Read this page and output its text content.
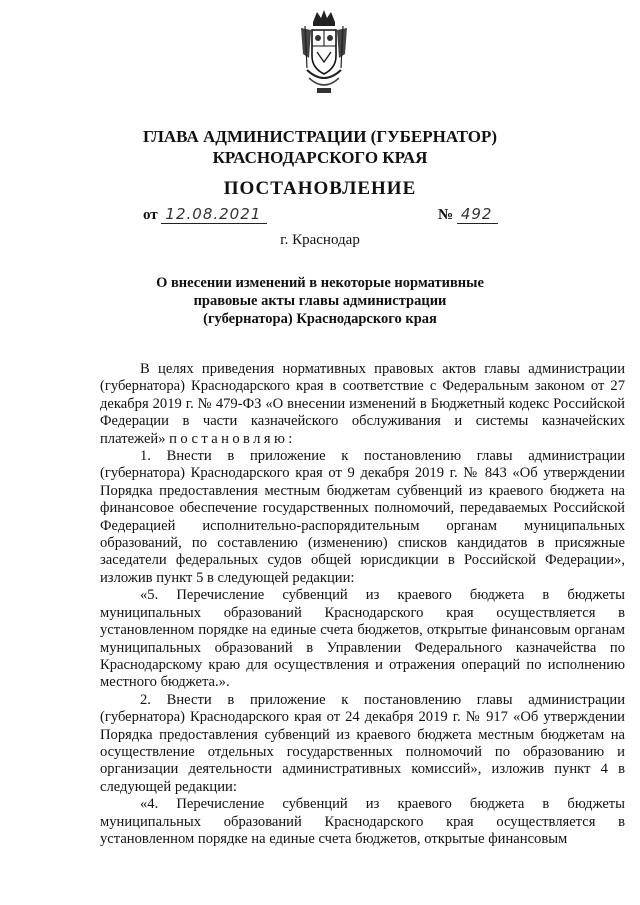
ГЛАВА АДМИНИСТРАЦИИ (ГУБЕРНАТОР)
КРАСНОДАРСКОГО КРАЯ
ПОСТАНОВЛЕНИЕ
от 12.08.2021	№ 492
г. Краснодар
О внесении изменений в некоторые нормативные правовые акты главы администрации (губернатора) Краснодарского края

В целях приведения нормативных правовых актов главы администрации (губернатора) Краснодарского края в соответствие с Федеральным законом от 27 декабря 2019 г. № 479-ФЗ «О внесении изменений в Бюджетный кодекс Российской Федерации в части казначейского обслуживания и системы казначейских платежей» постановляю:

1. Внести в приложение к постановлению главы администрации (губернатора) Краснодарского края от 9 декабря 2019 г. № 843 «Об утверждении Порядка предоставления местным бюджетам субвенций из краевого бюджета на финансовое обеспечение государственных полномочий, передаваемых Российской Федерацией исполнительно-распорядительным органам муниципальных образований, по составлению (изменению) списков кандидатов в присяжные заседатели федеральных судов общей юрисдикции в Российской Федерации», изложив пункт 5 в следующей редакции:

«5. Перечисление субвенций из краевого бюджета в бюджеты муниципальных образований Краснодарского края осуществляется в установленном порядке на единые счета бюджетов, открытые финансовым органам муниципальных образований в Управлении Федерального казначейства по Краснодарскому краю для осуществления и отражения операций по исполнению местного бюджета.».

2. Внести в приложение к постановлению главы администрации (губернатора) Краснодарского края от 24 декабря 2019 г. № 917 «Об утверждении Порядка предоставления субвенций из краевого бюджета местным бюджетам на осуществление отдельных государственных полномочий по образованию и организации деятельности административных комиссий», изложив пункт 4 в следующей редакции:

«4. Перечисление субвенций из краевого бюджета в бюджеты муниципальных образований Краснодарского края осуществляется в установленном порядке на единые счета бюджетов, открытые финансовым
